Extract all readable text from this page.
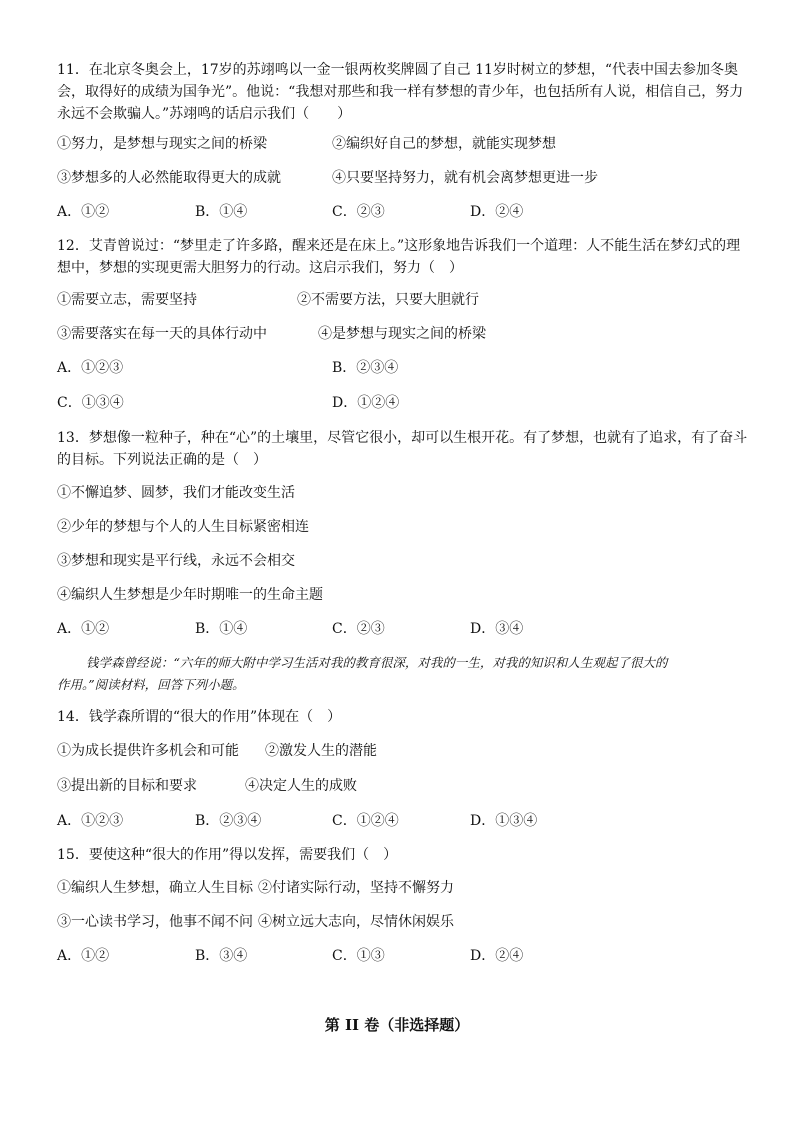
11．在北京冬奥会上，17岁的苏翊鸣以一金一银两枚奖牌圆了自己 11岁时树立的梦想，“代表中国去参加冬奥
会，取得好的成绩为国争光”。他说：“我想对那些和我一样有梦想的青少年，也包括所有人说，相信自己，努力
永远不会欺骗人。”苏翊鸣的话启示我们（　　）
①努力，是梦想与现实之间的桥梁	②编织好自己的梦想，就能实现梦想
③梦想多的人必然能取得更大的成就	④只要坚持努力，就有机会离梦想更进一步
A．①②	B．①④	C．②③	D．②④
12．艾青曾说过：“梦里走了许多路，醒来还是在床上。”这形象地告诉我们一个道理：人不能生活在梦幻式的理
想中，梦想的实现更需大胆努力的行动。这启示我们，努力（　）
①需要立志，需要坚持	②不需要方法，只要大胆就行
③需要落实在每一天的具体行动中	④是梦想与现实之间的桥梁
A．①②③	B．②③④
C．①③④	D．①②④
13．梦想像一粒种子，种在“心”的土壤里，尽管它很小，却可以生根开花。有了梦想，也就有了追求，有了奋斗
的目标。下列说法正确的是（　）
①不懈追梦、圆梦，我们才能改变生活
②少年的梦想与个人的人生目标紧密相连
③梦想和现实是平行线，永远不会相交
④编织人生梦想是少年时期唯一的生命主题
A．①②	B．①④	C．②③	D．③④
钱学森曾经说：“六年的师大附中学习生活对我的教育很深，对我的一生，对我的知识和人生观起了很大的
作用。”阅读材料，回答下列小题。
14．钱学森所谓的“很大的作用”体现在（　）
①为成长提供许多机会和可能 ②激发人生的潜能
③提出新的目标和要求	④决定人生的成败
A．①②③	B．②③④	C．①②④	D．①③④
15．要使这种“很大的作用”得以发挥，需要我们（　）
①编织人生梦想，确立人生目标 ②付诸实际行动，坚持不懈努力
③一心读书学习，他事不闻不问 ④树立远大志向，尽情休闲娱乐
A．①②	B．③④	C．①③	D．②④
第 II 卷（非选择题）
